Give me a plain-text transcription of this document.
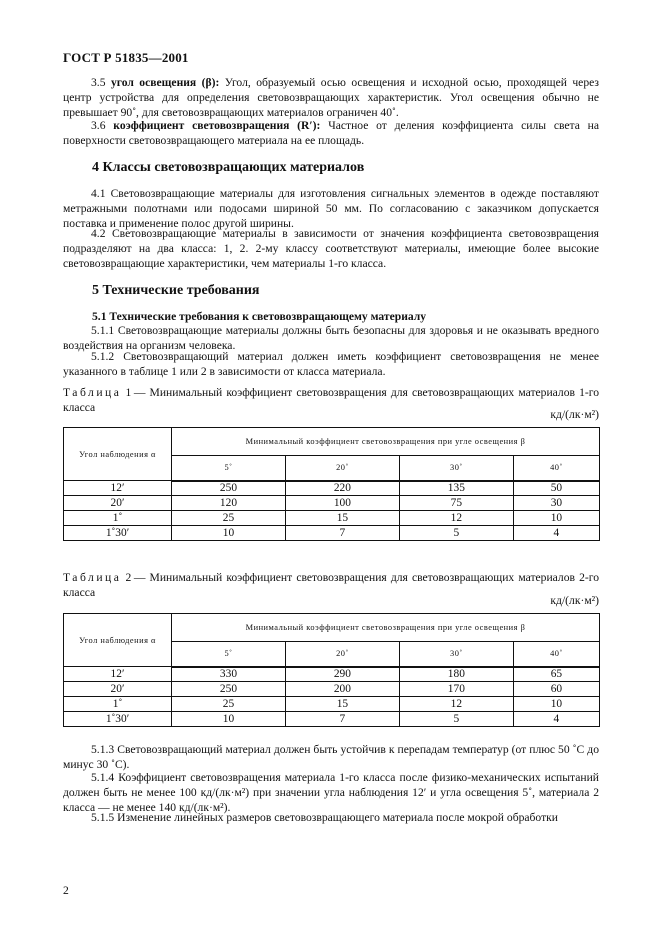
ГОСТ Р 51835—2001
3.5 угол освещения (β): Угол, образуемый осью освещения и исходной осью, проходящей через центр устройства для определения световозвращающих характеристик. Угол освещения обычно не превышает 90˚, для световозвращающих материалов ограничен 40˚.
3.6 коэффициент световозвращения (R′): Частное от деления коэффициента силы света на поверхности световозвращающего материала на ее площадь.
4 Классы световозвращающих материалов
4.1 Световозвращающие материалы для изготовления сигнальных элементов в одежде поставляют метражными полотнами или подосами шириной 50 мм. По согласованию с заказчиком допускается поставка и применение полос другой ширины.
4.2 Световозвращающие материалы в зависимости от значения коэффициента световозвращения подразделяют на два класса: 1, 2. 2-му классу соответствуют материалы, имеющие более высокие световозвращающие характеристики, чем материалы 1-го класса.
5 Технические требования
5.1 Технические требования к световозвращающему материалу
5.1.1 Световозвращающие материалы должны быть безопасны для здоровья и не оказывать вредного воздействия на организм человека.
5.1.2 Световозвращающий материал должен иметь коэффициент световозвращения не менее указанного в таблице 1 или 2 в зависимости от класса материала.
Таблица 1— Минимальный коэффициент световозвращения для световозвращающих материалов 1-го класса
кд/(лк·м²)
Угол наблюдения α	Минимальный коэффициент световозвращения при угле освещения β			
	5˚	20˚	30˚	40˚
12′	250	220	135	50
20′	120	100	75	30
1˚	25	15	12	10
1˚30′	10	7	5	4
Таблица 2— Минимальный коэффициент световозвращения для световозвращающих материалов 2-го класса
кд/(лк·м²)
Угол наблюдения α	Минимальный коэффициент световозвращения при угле освещения β			
	5˚	20˚	30˚	40˚
12′	330	290	180	65
20′	250	200	170	60
1˚	25	15	12	10
1˚30′	10	7	5	4
5.1.3 Световозвращающий материал должен быть устойчив к перепадам температур (от плюс 50 ˚С до минус 30 ˚С).
5.1.4 Коэффициент световозвращения материала 1-го класса после физико-механических испытаний должен быть не менее 100 кд/(лк·м²) при значении угла наблюдения 12′ и угла освещения 5˚, материала 2 класса — не менее 140 кд/(лк·м²).
5.1.5 Изменение линейных размеров световозвращающего материала после мокрой обработки
2
